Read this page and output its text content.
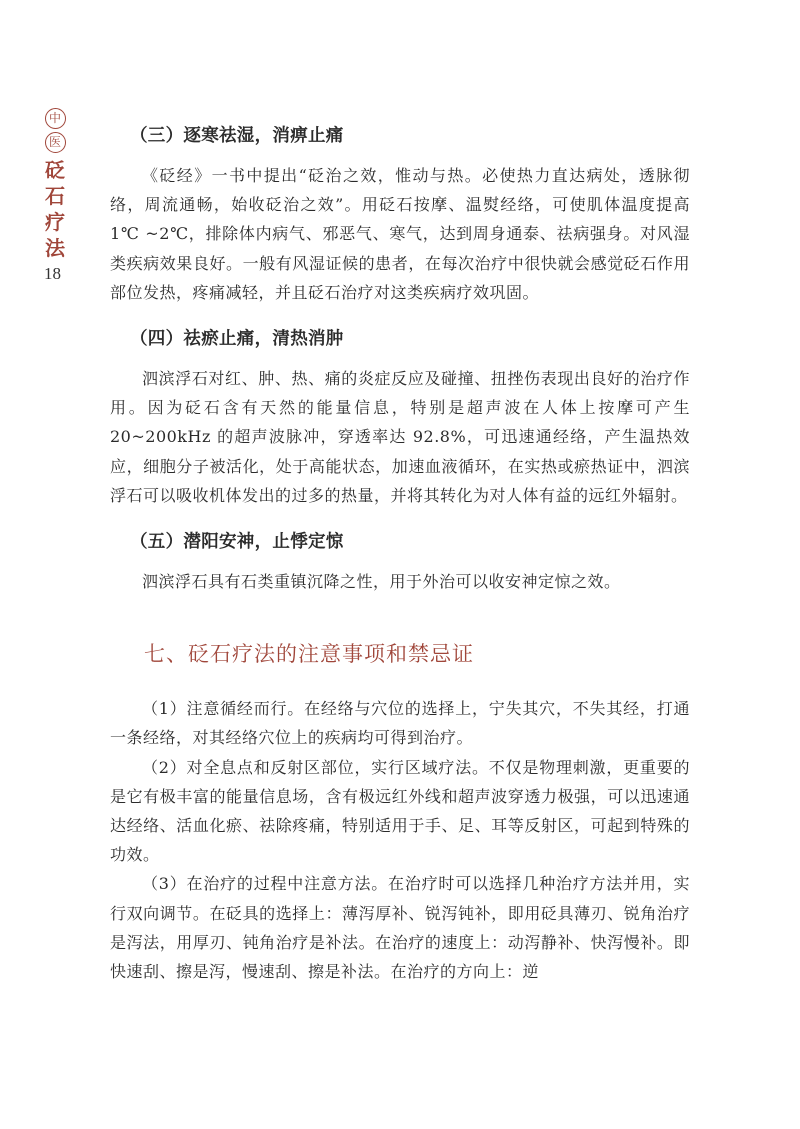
中
医
砭
石
疗
法
18
（三）逐寒祛湿，消痹止痛

《砭经》一书中提出“砭治之效，惟动与热。必使热力直达病处，透脉彻络，周流通畅，始收砭治之效”。用砭石按摩、温熨经络，可使肌体温度提高 1℃ ~2℃，排除体内病气、邪恶气、寒气，达到周身通泰、祛病强身。对风湿类疾病效果良好。一般有风湿证候的患者，在每次治疗中很快就会感觉砭石作用部位发热，疼痛减轻，并且砭石治疗对这类疾病疗效巩固。

（四）祛瘀止痛，清热消肿

泗滨浮石对红、肿、热、痛的炎症反应及碰撞、扭挫伤表现出良好的治疗作用。因为砭石含有天然的能量信息，特别是超声波在人体上按摩可产生 20~200kHz 的超声波脉冲，穿透率达 92.8%，可迅速通经络，产生温热效应，细胞分子被活化，处于高能状态，加速血液循环，在实热或瘀热证中，泗滨浮石可以吸收机体发出的过多的热量，并将其转化为对人体有益的远红外辐射。

（五）潜阳安神，止悸定惊

泗滨浮石具有石类重镇沉降之性，用于外治可以收安神定惊之效。

七、砭石疗法的注意事项和禁忌证

（1）注意循经而行。在经络与穴位的选择上，宁失其穴，不失其经，打通一条经络，对其经络穴位上的疾病均可得到治疗。

（2）对全息点和反射区部位，实行区域疗法。不仅是物理刺激，更重要的是它有极丰富的能量信息场，含有极远红外线和超声波穿透力极强，可以迅速通达经络、活血化瘀、祛除疼痛，特别适用于手、足、耳等反射区，可起到特殊的功效。

（3）在治疗的过程中注意方法。在治疗时可以选择几种治疗方法并用，实行双向调节。在砭具的选择上：薄泻厚补、锐泻钝补，即用砭具薄刃、锐角治疗是泻法，用厚刃、钝角治疗是补法。在治疗的速度上：动泻静补、快泻慢补。即快速刮、擦是泻，慢速刮、擦是补法。在治疗的方向上：逆
